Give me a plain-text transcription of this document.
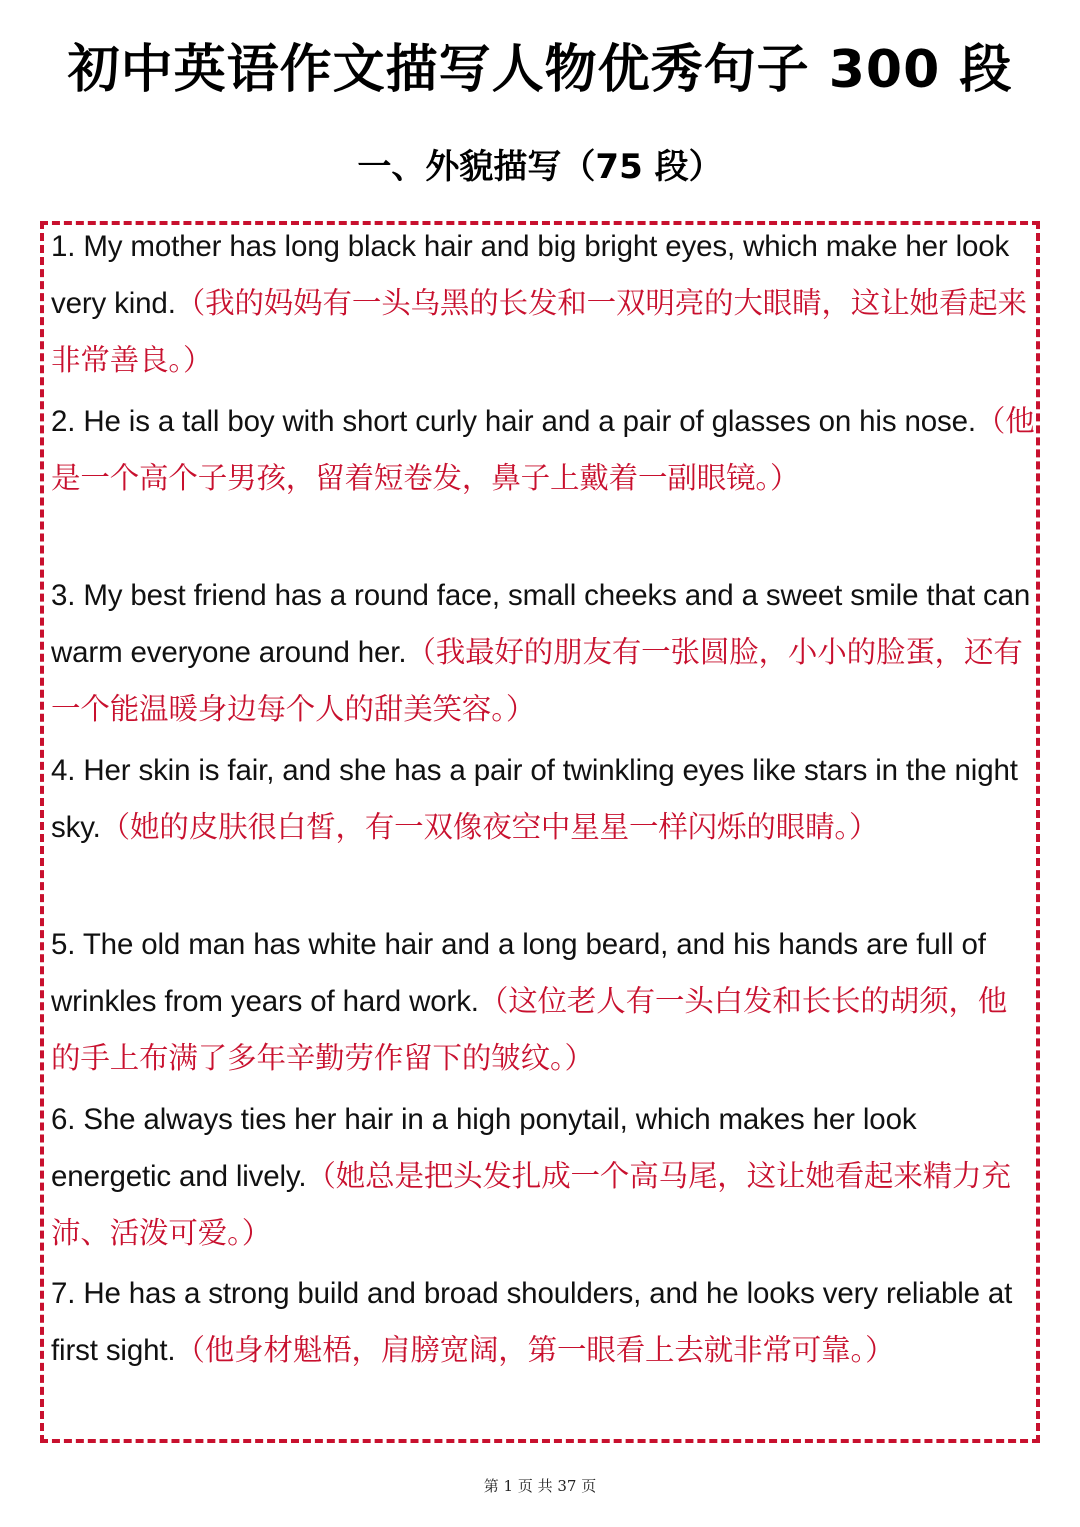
初中英语作文描写人物优秀句子 300 段
一、外貌描写（75 段）

1. My mother has long black hair and big bright eyes, which make her look very kind.（我的妈妈有一头乌黑的长发和一双明亮的大眼睛，这让她看起来非常善良。）

2. He is a tall boy with short curly hair and a pair of glasses on his nose.（他是一个高个子男孩，留着短卷发，鼻子上戴着一副眼镜。）

3. My best friend has a round face, small cheeks and a sweet smile that can warm everyone around her.（我最好的朋友有一张圆脸，小小的脸蛋，还有一个能温暖身边每个人的甜美笑容。）

4. Her skin is fair, and she has a pair of twinkling eyes like stars in the night sky.（她的皮肤很白皙，有一双像夜空中星星一样闪烁的眼睛。）

5. The old man has white hair and a long beard, and his hands are full of wrinkles from years of hard work.（这位老人有一头白发和长长的胡须，他的手上布满了多年辛勤劳作留下的皱纹。）

6. She always ties her hair in a high ponytail, which makes her look energetic and lively.（她总是把头发扎成一个高马尾，这让她看起来精力充沛、活泼可爱。）

7. He has a strong build and broad shoulders, and he looks very reliable at first sight.（他身材魁梧，肩膀宽阔，第一眼看上去就非常可靠。）

第 1 页 共 37 页
